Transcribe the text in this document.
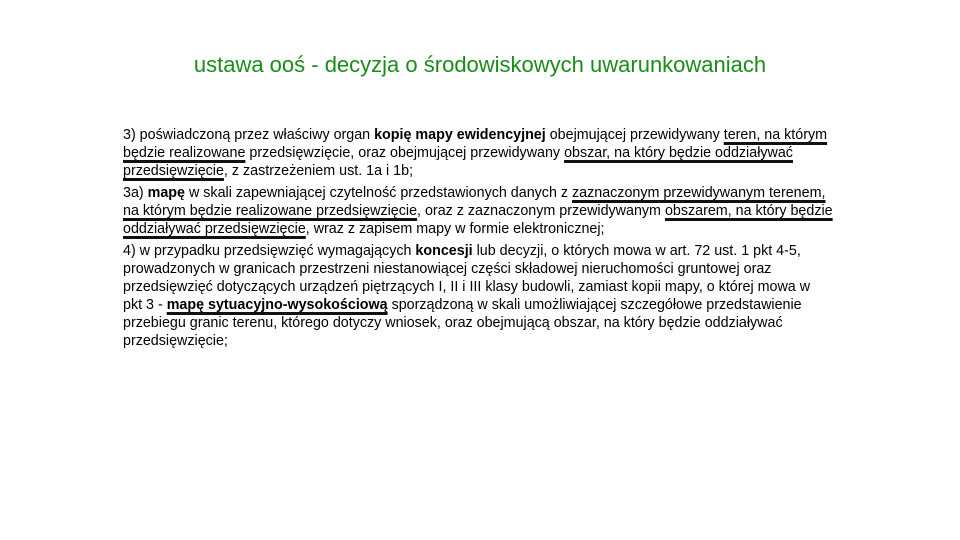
ustawa ooś - decyzja o środowiskowych uwarunkowaniach

3) poświadczoną przez właściwy organ kopię mapy ewidencyjnej obejmującej przewidywany teren, na którym będzie realizowane przedsięwzięcie, oraz obejmującej przewidywany obszar, na który będzie oddziaływać przedsięwzięcie, z zastrzeżeniem ust. 1a i 1b;

3a) mapę w skali zapewniającej czytelność przedstawionych danych z zaznaczonym przewidywanym terenem, na którym będzie realizowane przedsięwzięcie, oraz z zaznaczonym przewidywanym obszarem, na który będzie oddziaływać przedsięwzięcie, wraz z zapisem mapy w formie elektronicznej;

4) w przypadku przedsięwzięć wymagających koncesji lub decyzji, o których mowa w art. 72 ust. 1 pkt 4-5, prowadzonych w granicach przestrzeni niestanowiącej części składowej nieruchomości gruntowej oraz przedsięwzięć dotyczących urządzeń piętrzących I, II i III klasy budowli, zamiast kopii mapy, o której mowa w pkt 3 - mapę sytuacyjno-wysokościową sporządzoną w skali umożliwiającej szczegółowe przedstawienie przebiegu granic terenu, którego dotyczy wniosek, oraz obejmującą obszar, na który będzie oddziaływać przedsięwzięcie;
